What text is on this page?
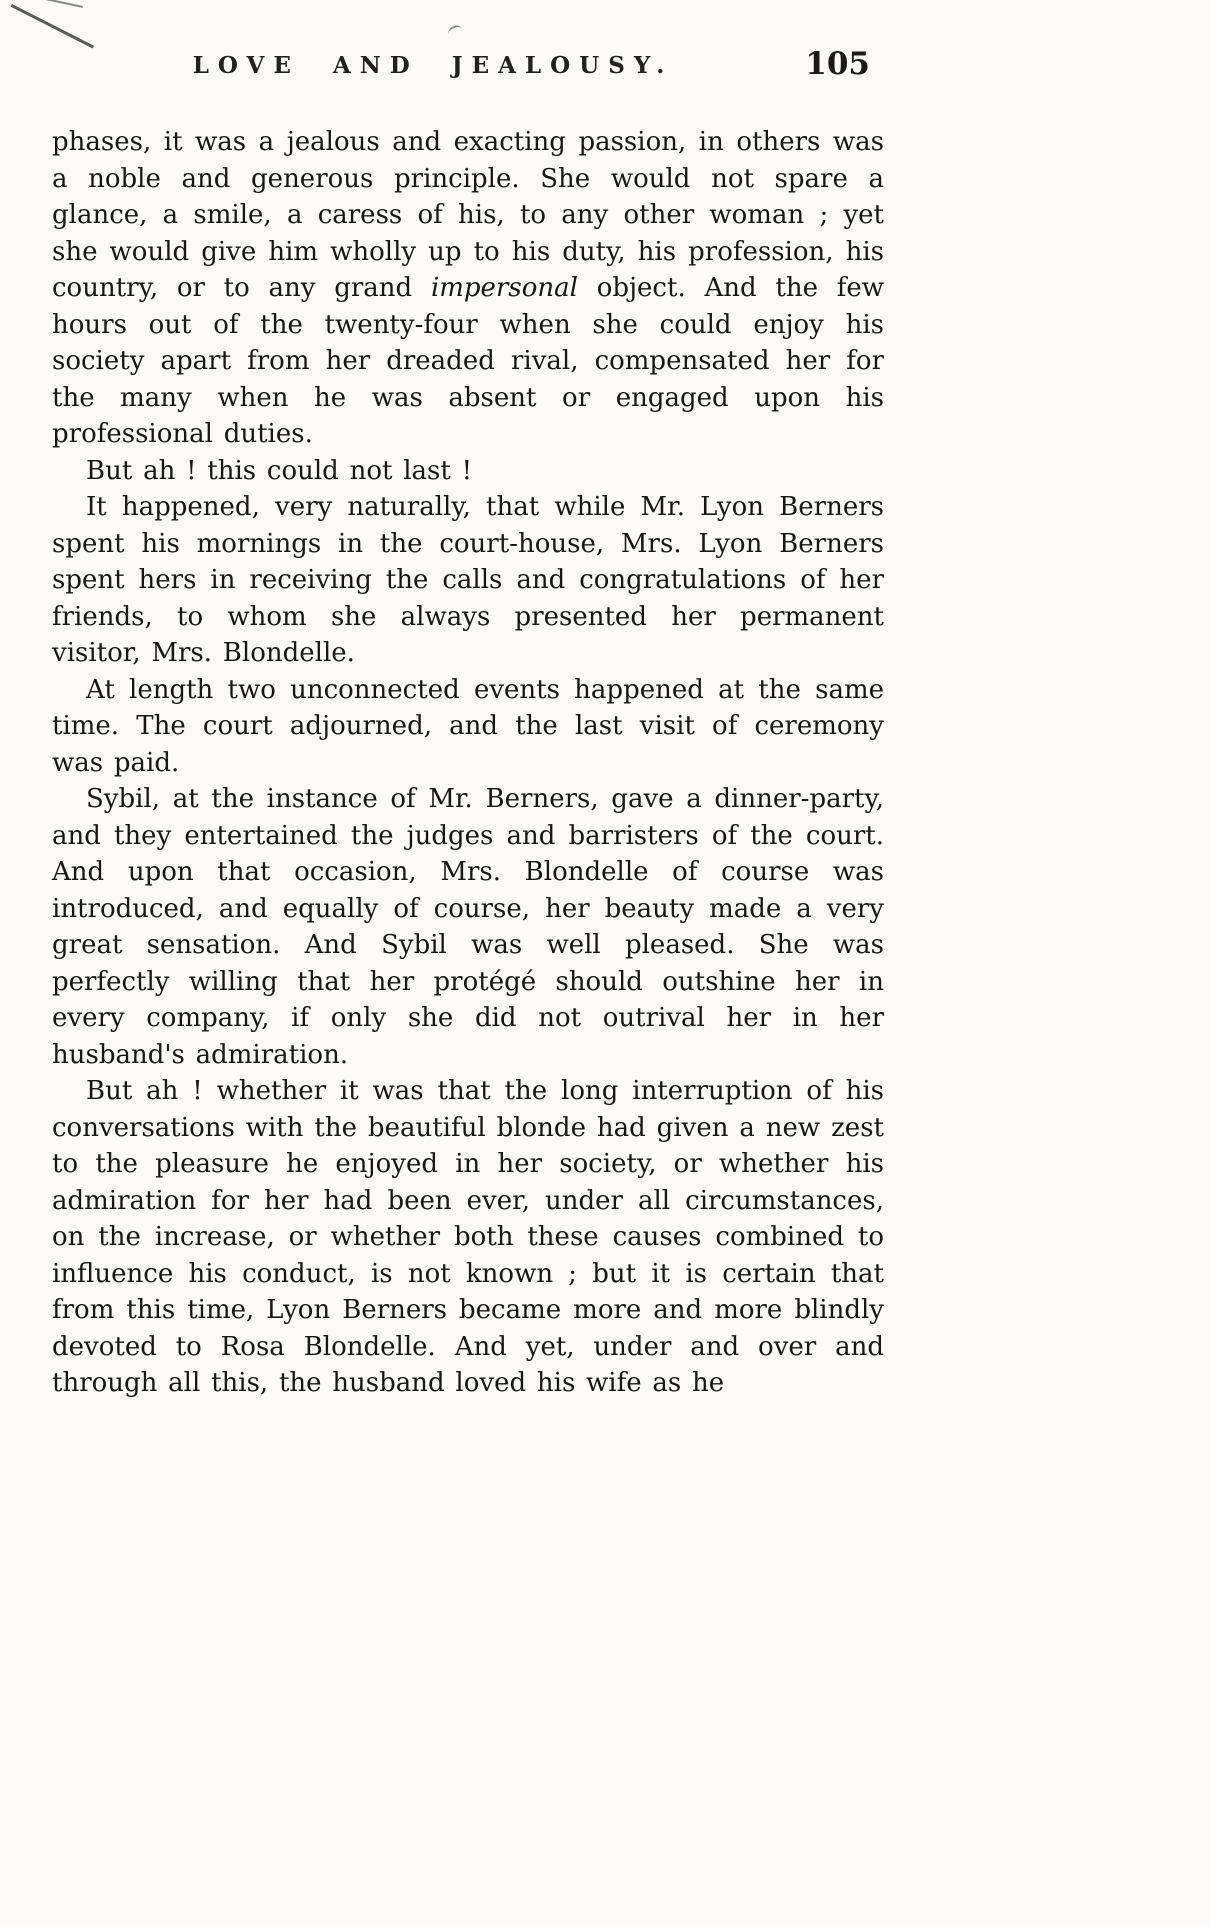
LOVE AND JEALOUSY.	105

phases, it was a jealous and exacting passion, in others was a noble and generous principle. She would not spare a glance, a smile, a caress of his, to any other woman ; yet she would give him wholly up to his duty, his profession, his country, or to any grand impersonal object. And the few hours out of the twenty-four when she could enjoy his society apart from her dreaded rival, compensated her for the many when he was absent or engaged upon his professional duties.

But ah ! this could not last !

It happened, very naturally, that while Mr. Lyon Berners spent his mornings in the court-house, Mrs. Lyon Berners spent hers in receiving the calls and congratulations of her friends, to whom she always presented her permanent visitor, Mrs. Blondelle.

At length two unconnected events happened at the same time. The court adjourned, and the last visit of ceremony was paid.

Sybil, at the instance of Mr. Berners, gave a dinner-party, and they entertained the judges and barristers of the court. And upon that occasion, Mrs. Blondelle of course was introduced, and equally of course, her beauty made a very great sensation. And Sybil was well pleased. She was perfectly willing that her protégé should outshine her in every company, if only she did not outrival her in her husband's admiration.

But ah ! whether it was that the long interruption of his conversations with the beautiful blonde had given a new zest to the pleasure he enjoyed in her society, or whether his admiration for her had been ever, under all circumstances, on the increase, or whether both these causes combined to influence his conduct, is not known ; but it is certain that from this time, Lyon Berners became more and more blindly devoted to Rosa Blondelle. And yet, under and over and through all this, the husband loved his wife as he
